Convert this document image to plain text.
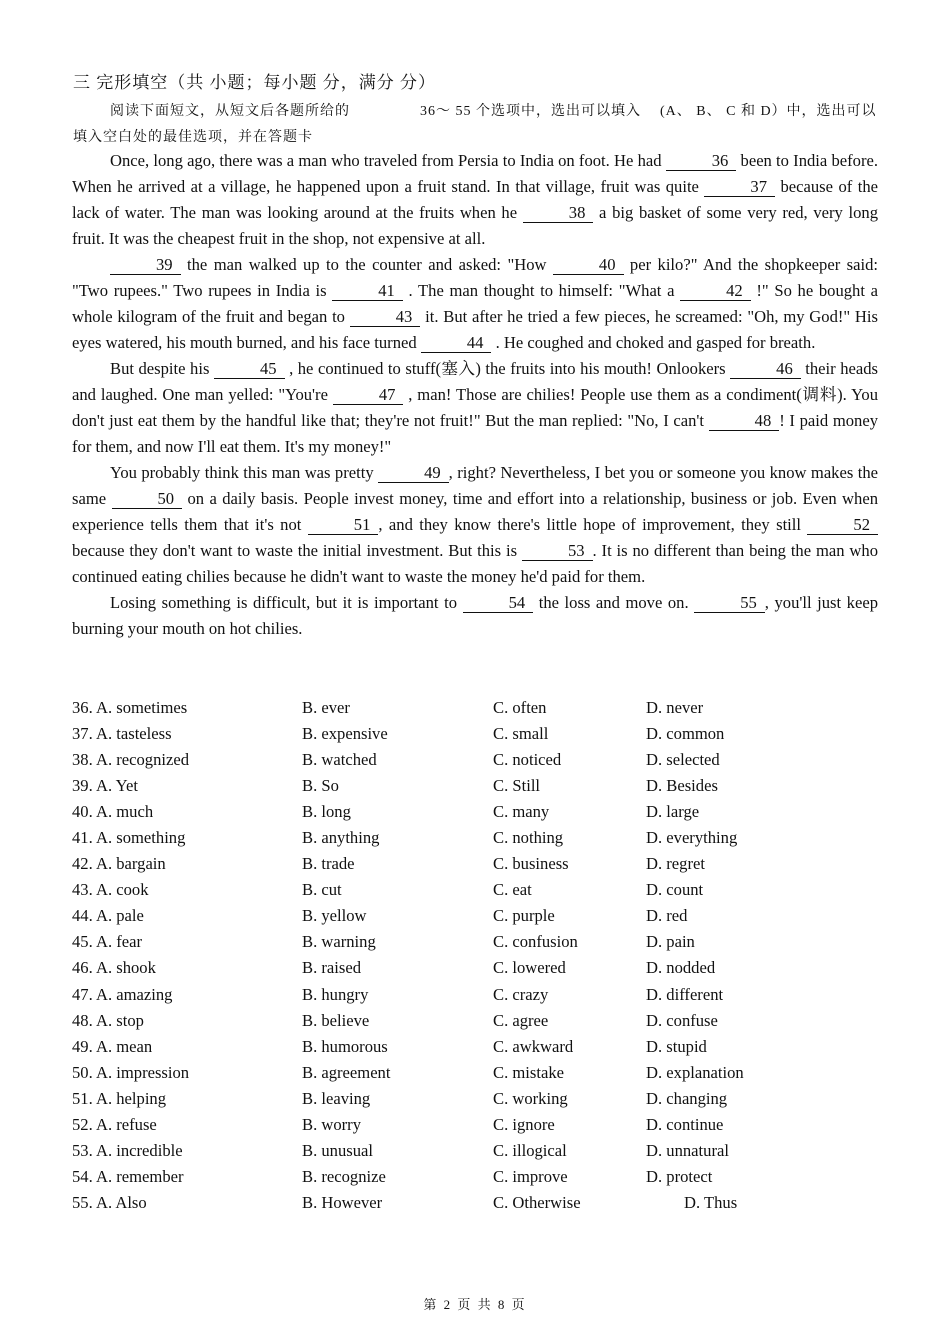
三 完形填空（共 小题；每小题 分，满分 分）
阅读下面短文，从短文后各题所给的	36～ 55 个选项中，选出可以填入 (A、 B、 C 和 D）中，选出可以
填入空白处的最佳选项，并在答题卡

Once, long ago, there was a man who traveled from Persia to India on foot. He had	36 been to India before. When he arrived at a village, he happened upon a fruit stand. In that village, fruit was quite	37 because of the lack of water. The man was looking around at the fruits when he	38 a big basket of some very red, very long fruit. It was the cheapest fruit in the shop, not expensive at all.

39 the man walked up to the counter and asked: "How	40 per kilo?" And the shopkeeper said: "Two rupees." Two rupees in India is	41 . The man thought to himself: "What a	42 !" So he bought a whole kilogram of the fruit and began to	43 it. But after he tried a few pieces, he screamed: "Oh, my God!" His eyes watered, his mouth burned, and his face turned	44 . He coughed and choked and gasped for breath.

But despite his	45 , he continued to stuff(塞入) the fruits into his mouth! Onlookers	46 their heads and laughed. One man yelled: "You're	47 , man! Those are chilies! People use them as a condiment(调料). You don't just eat them by the handful like that; they're not fruit!" But the man replied: "No, I can't	48 ! I paid money for them, and now I'll eat them. It's my money!"

You probably think this man was pretty	49 , right? Nevertheless, I bet you or someone you know makes the same	50 on a daily basis. People invest money, time and effort into a relationship, business or job. Even when experience tells them that it's not	51 , and they know there's little hope of improvement, they still	52 because they don't want to waste the initial investment. But this is	53 . It is no different than being the man who continued eating chilies because he didn't want to waste the money he'd paid for them.

Losing something is difficult, but it is important to	54 the loss and move on.	55 , you'll just keep burning your mouth on hot chilies.

36. A. sometimes	B. ever	C. often	D. never
37. A. tasteless	B. expensive	C. small	D. common
38. A. recognized	B. watched	C. noticed	D. selected
39. A. Yet	B. So	C. Still	D. Besides
40. A. much	B. long	C. many	D. large
41. A. something	B. anything	C. nothing	D. everything
42. A. bargain	B. trade	C. business	D. regret
43. A. cook	B. cut	C. eat	D. count
44. A. pale	B. yellow	C. purple	D. red
45. A. fear	B. warning	C. confusion	D. pain
46. A. shook	B. raised	C. lowered	D. nodded
47. A. amazing	B. hungry	C. crazy	D. different
48. A. stop	B. believe	C. agree	D. confuse
49. A. mean	B. humorous	C. awkward	D. stupid
50. A. impression	B. agreement	C. mistake	D. explanation
51. A. helping	B. leaving	C. working	D. changing
52. A. refuse	B. worry	C. ignore	D. continue
53. A. incredible	B. unusual	C. illogical	D. unnatural
54. A. remember	B. recognize	C. improve	D. protect
55. A. Also	B. However	C. Otherwise	D. Thus
第 2 页 共 8 页
